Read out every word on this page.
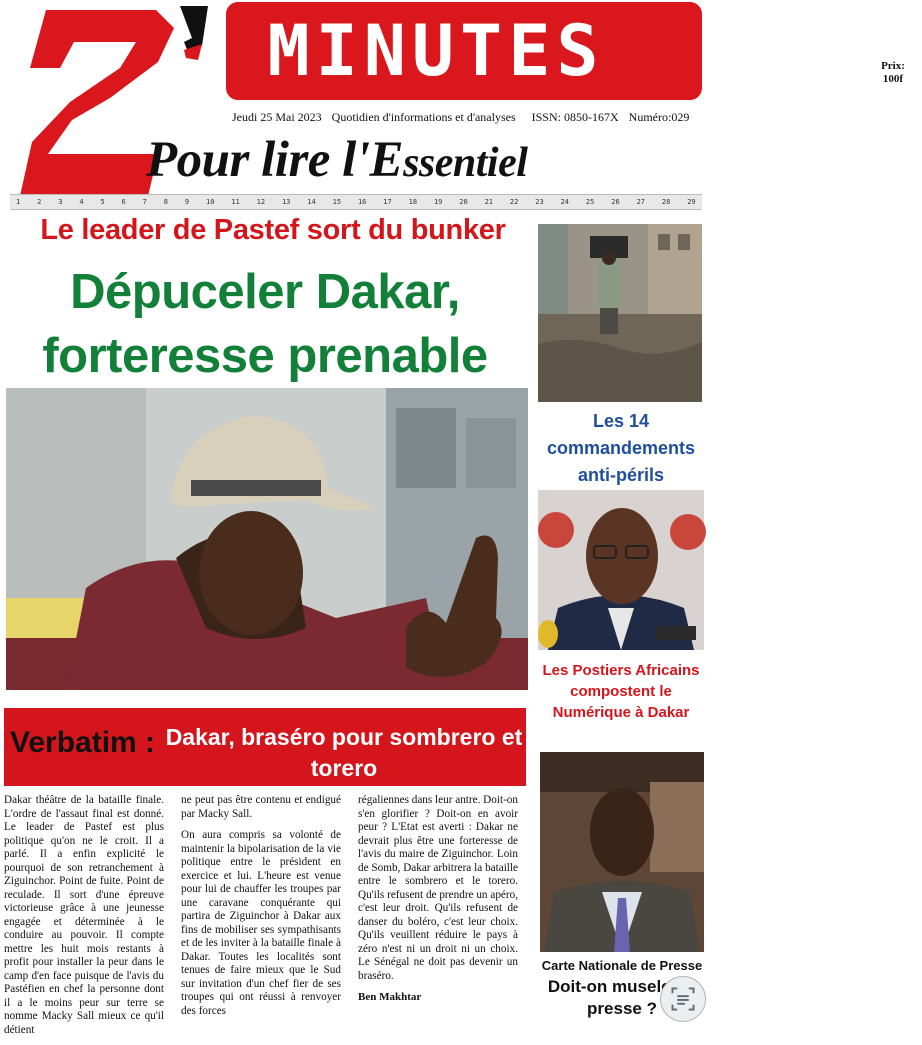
MINUTES	Prix:
100f
Jeudi 25 Mai 2023 Quotidien d'informations et d'analyses ISSN: 0850-167X Numéro:029
Pour lire l'Essentiel
1 2 3 4 5 6 7 8 9 10 11 12 13 14 15 16 17 18 19 20 21 22 23 24 25 26 27 28 29
Le leader de Pastef sort du bunker
Dépuceler Dakar,
forteresse prenable
Verbatim : Dakar, braséro pour sombrero et torero

Dakar théâtre de la bataille finale. L'ordre de l'assaut final est donné. Le leader de Pastef est plus politique qu'on ne le croit. Il a parlé. Il a enfin explicité le pourquoi de son retranchement à Ziguinchor. Point de fuite. Point de reculade. Il sort d'une épreuve victorieuse grâce à une jeunesse engagée et déterminée à le conduire au pouvoir. Il compte mettre les huit mois restants à profit pour installer la peur dans le camp d'en face puisque de l'avis du Pastéfien en chef la personne dont il a le moins peur sur terre se nomme Macky Sall mieux ce qu'il détient

ne peut pas être contenu et endigué par Macky Sall.

On aura compris sa volonté de maintenir la bipolarisation de la vie politique entre le président en exercice et lui. L'heure est venue pour lui de chauffer les troupes par une caravane conquérante qui partira de Ziguinchor à Dakar aux fins de mobiliser ses sympathisants et de les inviter à la bataille finale à Dakar. Toutes les localités sont tenues de faire mieux que le Sud sur invitation d'un chef fier de ses troupes qui ont réussi à renvoyer des forces

régaliennes dans leur antre. Doit-on s'en glorifier ? Doit-on en avoir peur ? L'Etat est averti : Dakar ne devrait plus être une forteresse de l'avis du maire de Ziguinchor. Loin de Somb, Dakar arbitrera la bataille entre le sombrero et le torero. Qu'ils refusent de prendre un apéro, c'est leur droit. Qu'ils refusent de danser du boléro, c'est leur choix. Qu'ils veuillent réduire le pays à zéro n'est ni un droit ni un choix. Le Sénégal ne doit pas devenir un braséro.

Ben Makhtar

Les 14 commandements anti-périls
Les Postiers Africains compostent le Numérique à Dakar
Carte Nationale de Presse
Doit-on museler la presse ?
